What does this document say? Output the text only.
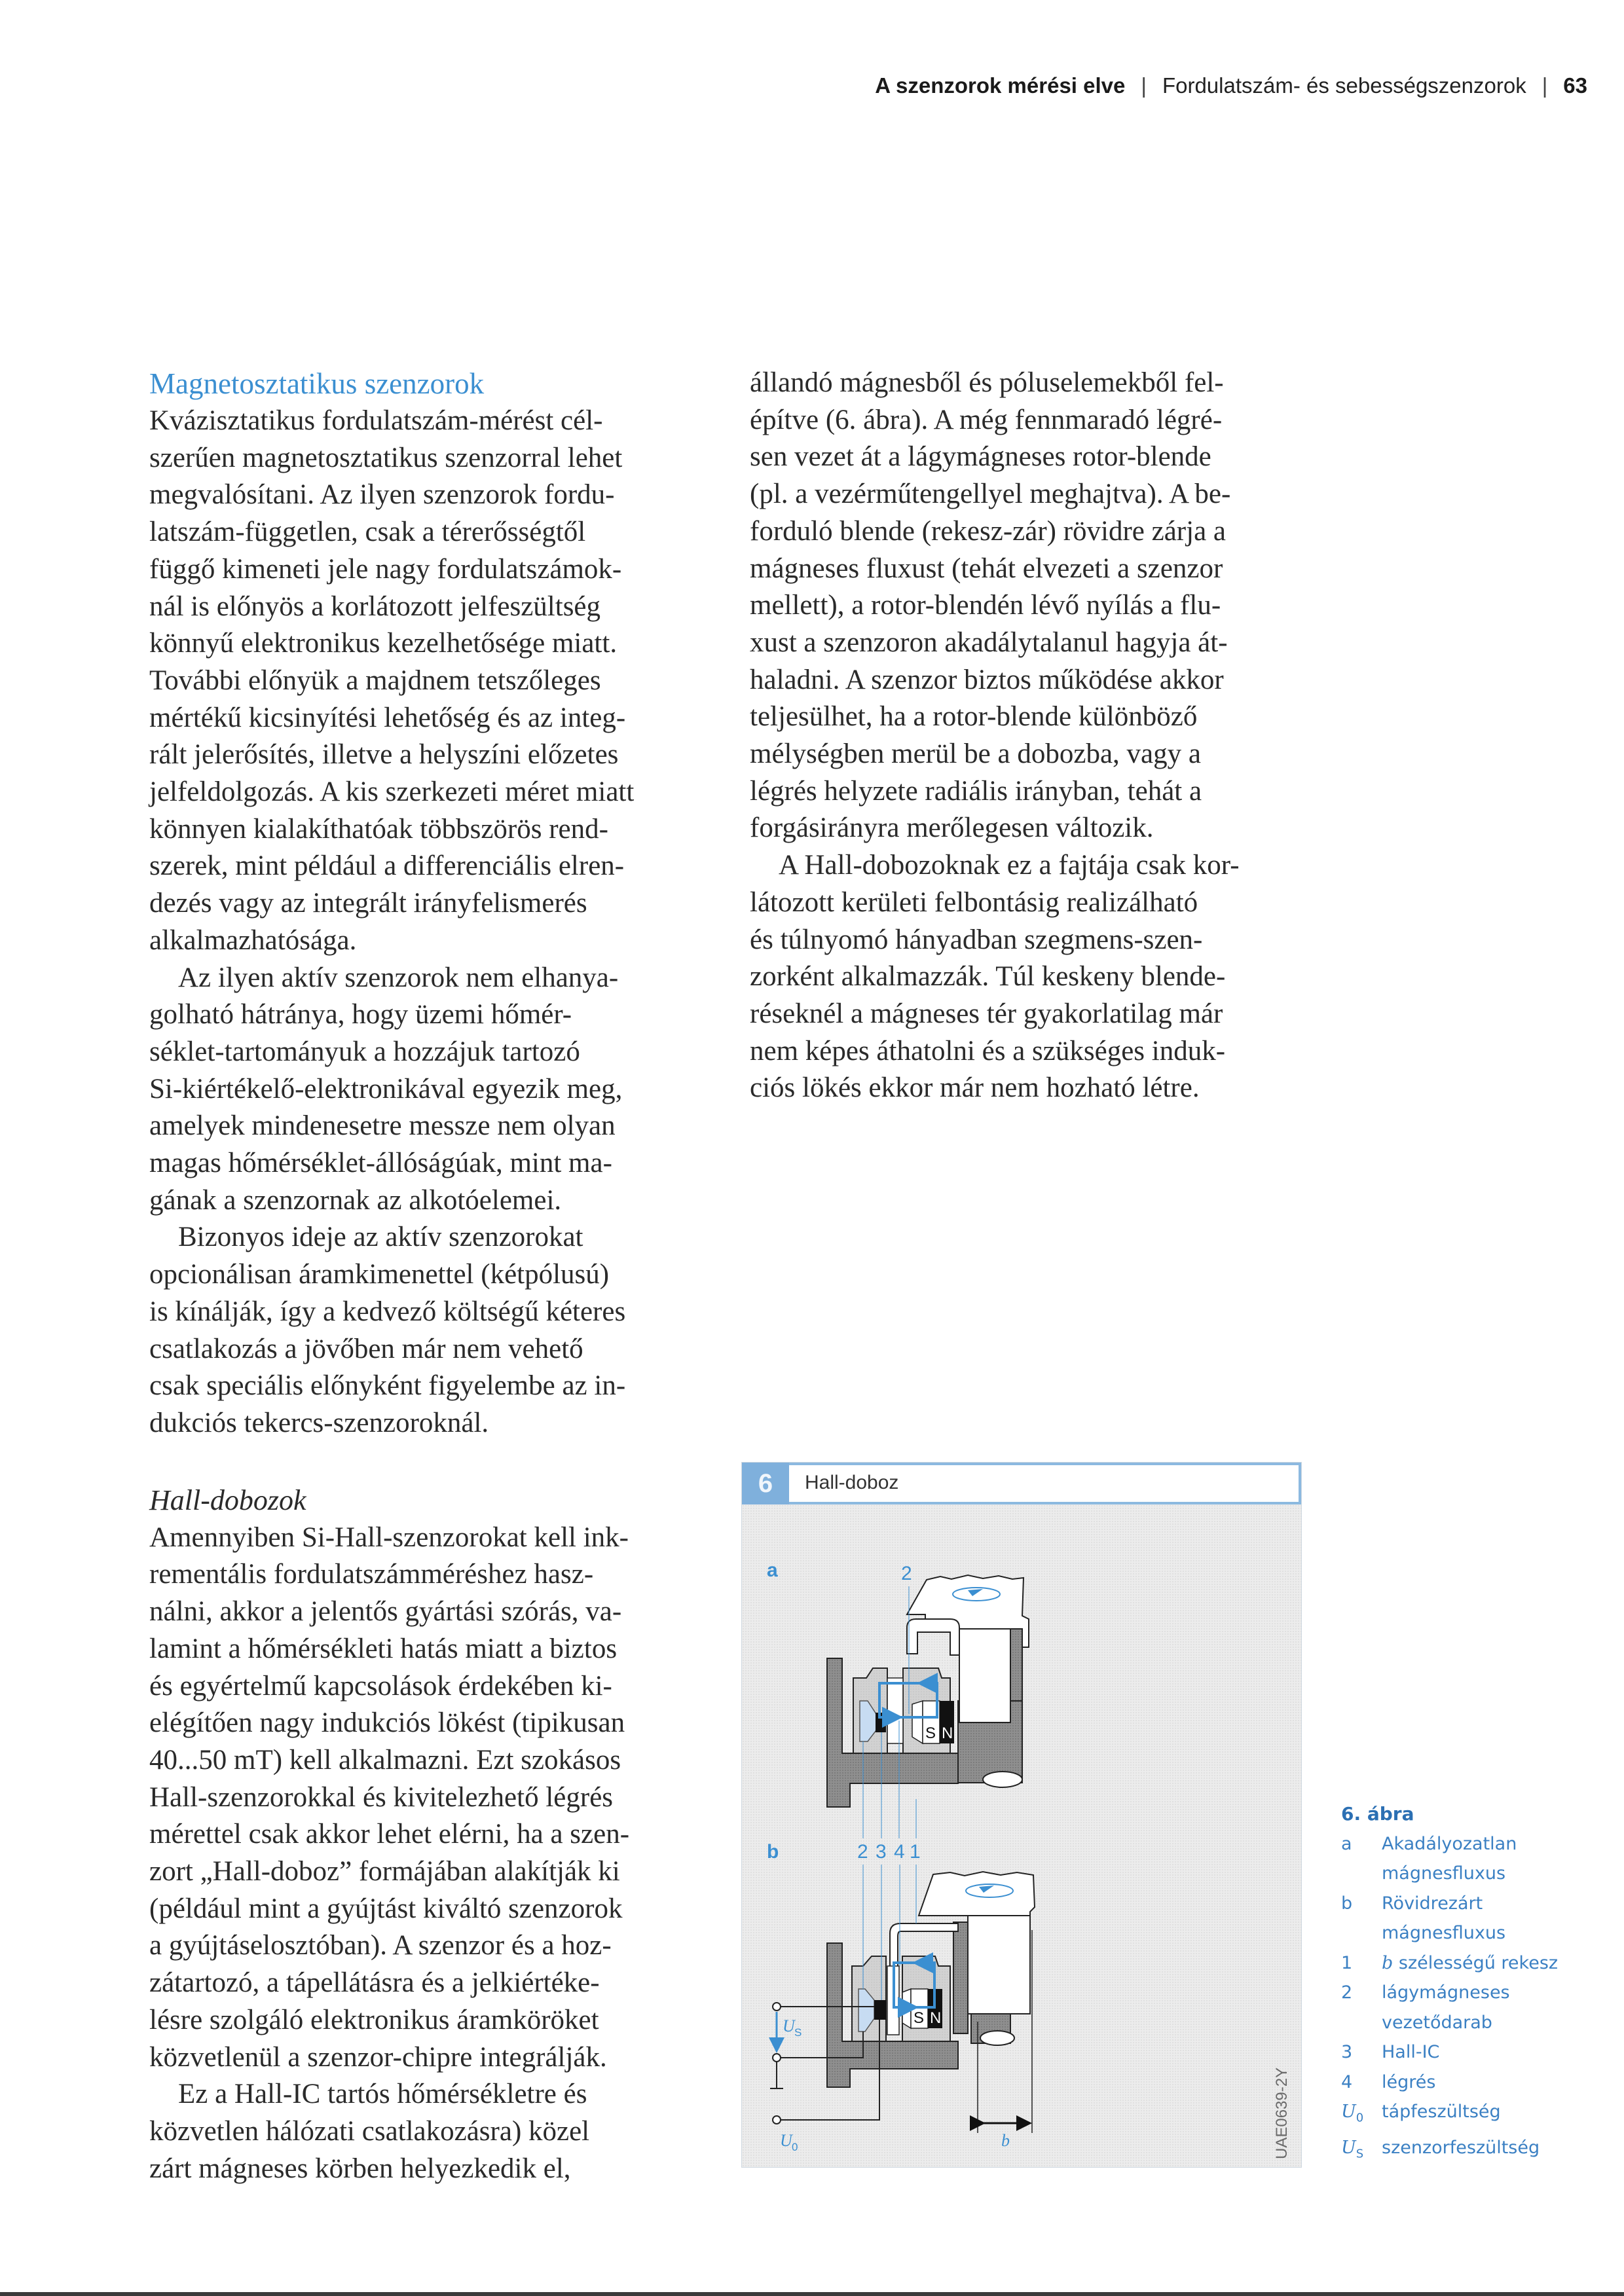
A szenzorok mérési elve | Fordulatszám- és sebességszenzorok | 63
Magnetosztatikus szenzorok

Kvázisztatikus fordulatszám-mérést cél-
szerűen magnetosztatikus szenzorral lehet
megvalósítani. Az ilyen szenzorok fordu-
latszám-független, csak a térerősségtől
függő kimeneti jele nagy fordulatszámok-
nál is előnyös a korlátozott jelfeszültség
könnyű elektronikus kezelhetősége miatt.
További előnyük a majdnem tetszőleges
mértékű kicsinyítési lehetőség és az integ-
rált jelerősítés, illetve a helyszíni előzetes
jelfeldolgozás. A kis szerkezeti méret miatt
könnyen kialakíthatóak többszörös rend-
szerek, mint például a differenciális elren-
dezés vagy az integrált irányfelismerés
alkalmazhatósága.

Az ilyen aktív szenzorok nem elhanya-
golható hátránya, hogy üzemi hőmér-
séklet-tartományuk a hozzájuk tartozó
Si-kiértékelő-elektronikával egyezik meg,
amelyek mindenesetre messze nem olyan
magas hőmérséklet-állóságúak, mint ma-
gának a szenzornak az alkotóelemei.

Bizonyos ideje az aktív szenzorokat
opcionálisan áramkimenettel (kétpólusú)
is kínálják, így a kedvező költségű kéteres
csatlakozás a jövőben már nem vehető
csak speciális előnyként figyelembe az in-
dukciós tekercs-szenzoroknál.

Hall-dobozok

Amennyiben Si-Hall-szenzorokat kell ink-
rementális fordulatszámméréshez hasz-
nálni, akkor a jelentős gyártási szórás, va-
lamint a hőmérsékleti hatás miatt a biztos
és egyértelmű kapcsolások érdekében ki-
elégítően nagy indukciós lökést (tipikusan
40...50 mT) kell alkalmazni. Ezt szokásos
Hall-szenzorokkal és kivitelezhető légrés
mérettel csak akkor lehet elérni, ha a szen-
zort „Hall-doboz” formájában alakítják ki
(például mint a gyújtást kiváltó szenzorok
a gyújtáselosztóban). A szenzor és a hoz-
zátartozó, a tápellátásra és a jelkiértéke-
lésre szolgáló elektronikus áramköröket
közvetlenül a szenzor-chipre integrálják.

Ez a Hall-IC tartós hőmérsékletre és
közvetlen hálózati csatlakozásra) közel
zárt mágneses körben helyezkedik el,

állandó mágnesből és póluselemekből fel-
építve (6. ábra). A még fennmaradó légré-
sen vezet át a lágymágneses rotor-blende
(pl. a vezérműtengellyel meghajtva). A be-
forduló blende (rekesz-zár) rövidre zárja a
mágneses fluxust (tehát elvezeti a szenzor
mellett), a rotor-blendén lévő nyílás a flu-
xust a szenzoron akadálytalanul hagyja át-
haladni. A szenzor biztos működése akkor
teljesülhet, ha a rotor-blende különböző
mélységben merül be a dobozba, vagy a
légrés helyzete radiális irányban, tehát a
forgásirányra merőlegesen változik.

A Hall-dobozoknak ez a fajtája csak kor-
látozott kerületi felbontásig realizálható
és túlnyomó hányadban szegmens-szen-
zorként alkalmazzák. Túl keskeny blende-
réseknél a mágneses tér gyakorlatilag már
nem képes áthatolni és a szükséges induk-
ciós lökés ekkor már nem hozható létre.

6	Hall-doboz
a	2
S N
b	2 3 4 1
S N
U S
U 0	b	UAE0639-2Y
6. ábra
a	Akadályozatlan mágnesfluxus
b	Rövidrezárt mágnesfluxus
1	b szélességű rekesz
2	lágymágneses vezetődarab
3	Hall-IC
4	légrés
$U_0$	tápfeszültség
$U_S$	szenzorfeszültség
